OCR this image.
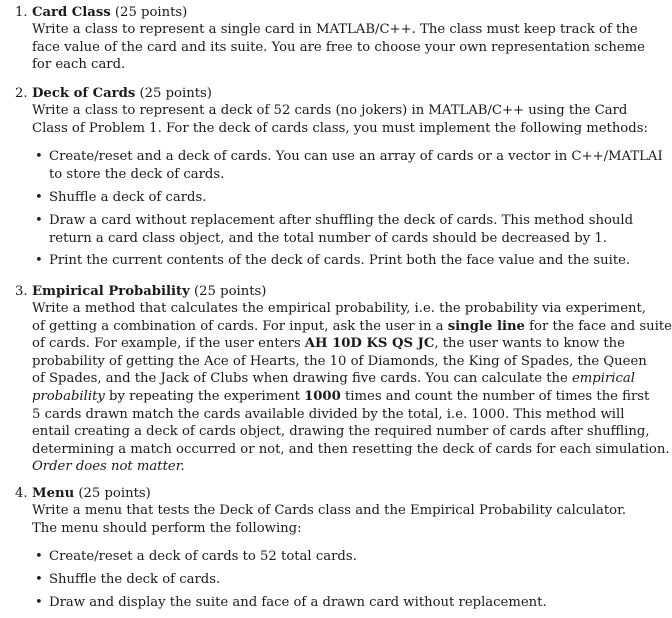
1. Card Class (25 points)
Write a class to represent a single card in MATLAB/C++. The class must keep track of the
face value of the card and its suite. You are free to choose your own representation scheme
for each card.
2. Deck of Cards (25 points)
Write a class to represent a deck of 52 cards (no jokers) in MATLAB/C++ using the Card
Class of Problem 1. For the deck of cards class, you must implement the following methods:
• Create/reset and a deck of cards. You can use an array of cards or a vector in C++/MATLAI
to store the deck of cards.
• Shuffle a deck of cards.
• Draw a card without replacement after shuffling the deck of cards. This method should
return a card class object, and the total number of cards should be decreased by 1.
• Print the current contents of the deck of cards. Print both the face value and the suite.
3. Empirical Probability (25 points)
Write a method that calculates the empirical probability, i.e. the probability via experiment,
of getting a combination of cards. For input, ask the user in a single line for the face and suite
of cards. For example, if the user enters AH 10D KS QS JC, the user wants to know the
probability of getting the Ace of Hearts, the 10 of Diamonds, the King of Spades, the Queen
of Spades, and the Jack of Clubs when drawing five cards. You can calculate the empirical
probability by repeating the experiment 1000 times and count the number of times the first
5 cards drawn match the cards available divided by the total, i.e. 1000. This method will
entail creating a deck of cards object, drawing the required number of cards after shuffling,
determining a match occurred or not, and then resetting the deck of cards for each simulation.
Order does not matter.
4. Menu (25 points)
Write a menu that tests the Deck of Cards class and the Empirical Probability calculator.
The menu should perform the following:
• Create/reset a deck of cards to 52 total cards.
• Shuffle the deck of cards.
• Draw and display the suite and face of a drawn card without replacement.
